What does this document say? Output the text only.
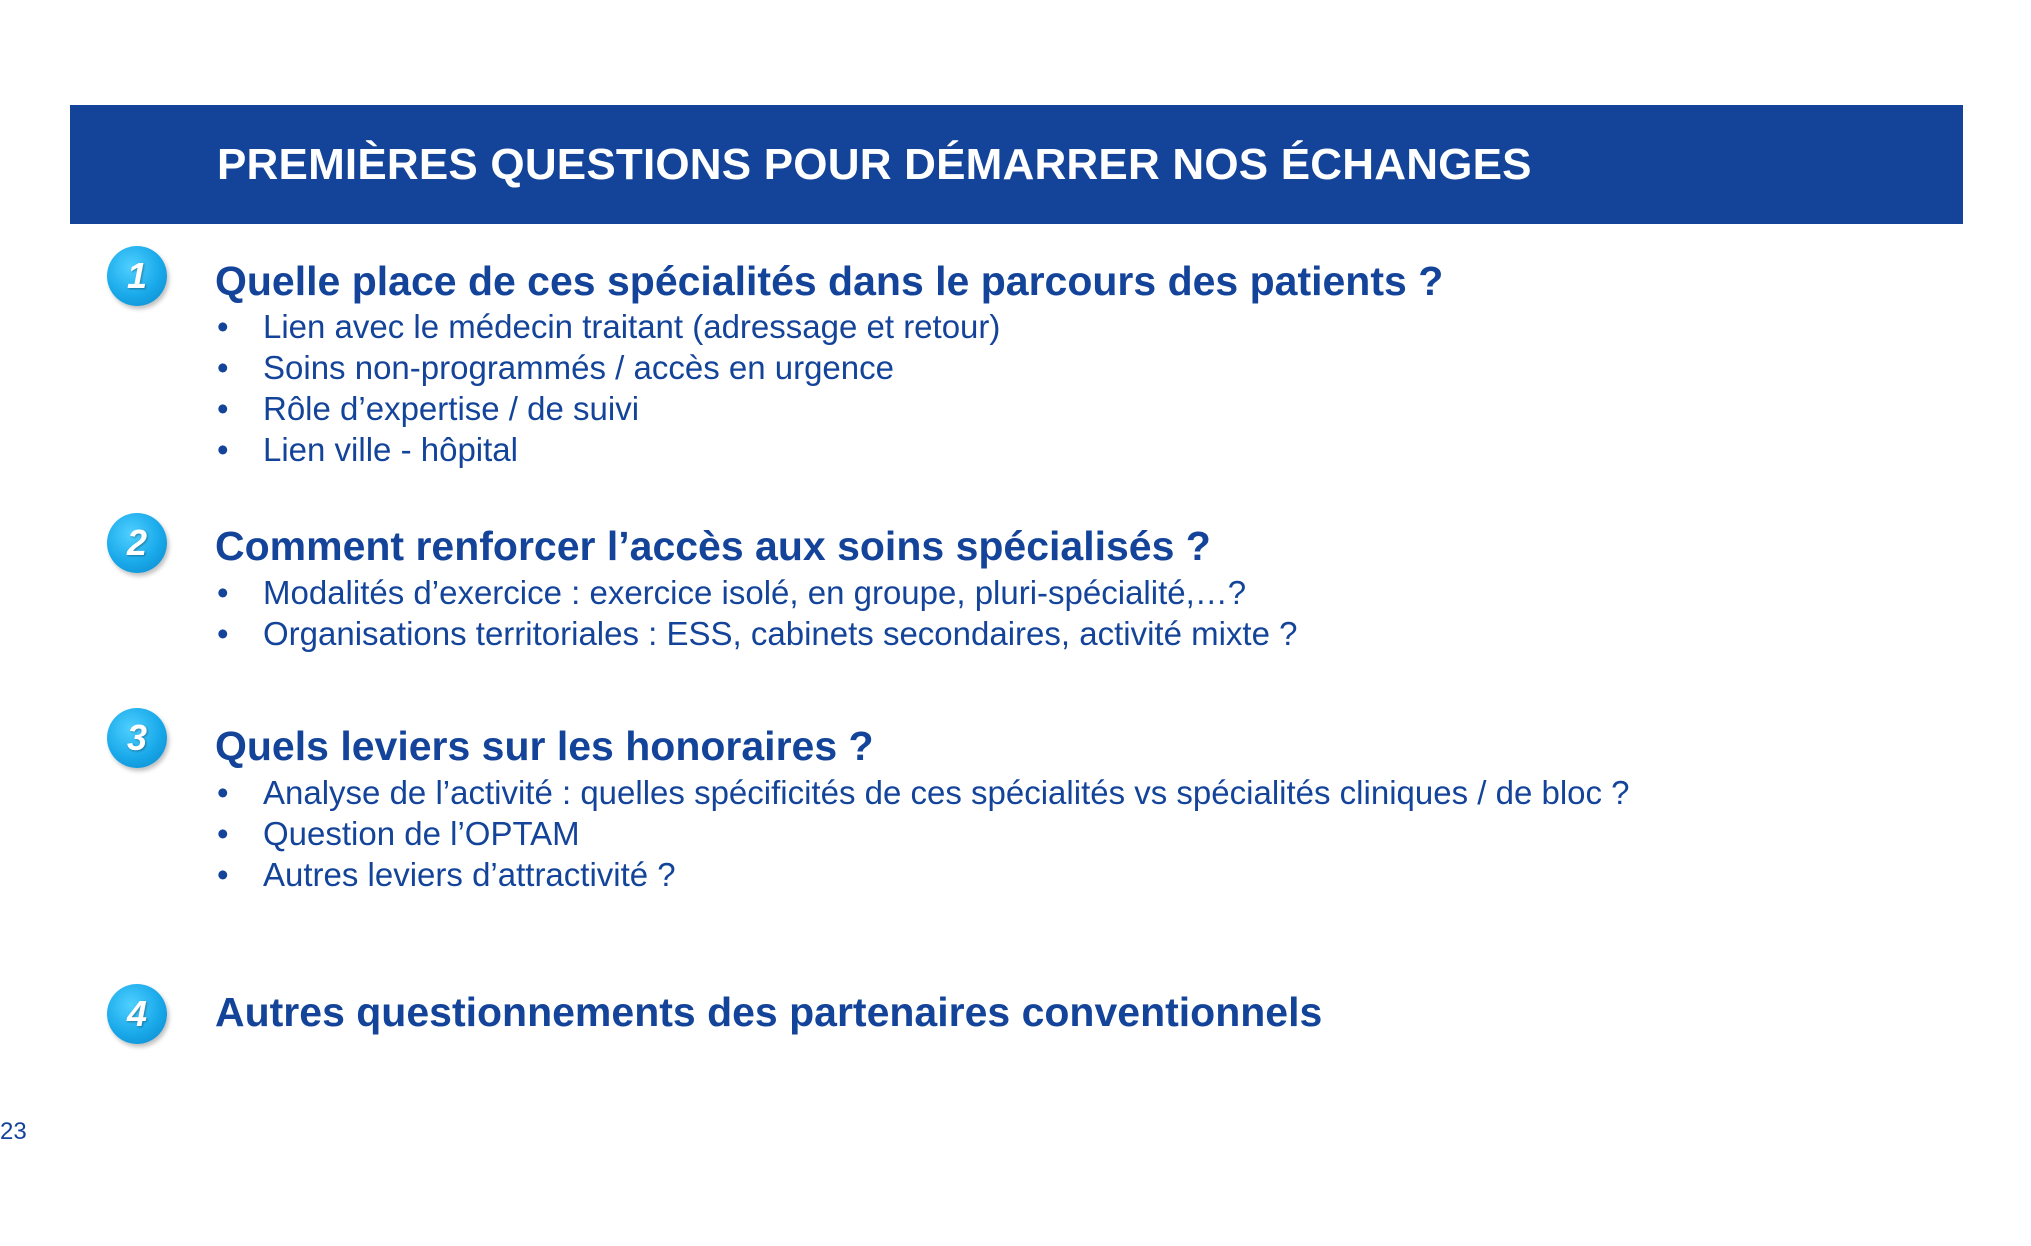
PREMIÈRES QUESTIONS POUR DÉMARRER NOS ÉCHANGES
1	Quelle place de ces spécialités dans le parcours des patients ?
• Lien avec le médecin traitant (adressage et retour)
• Soins non-programmés / accès en urgence
• Rôle d’expertise / de suivi
• Lien ville - hôpital
2	Comment renforcer l’accès aux soins spécialisés ?
• Modalités d’exercice : exercice isolé, en groupe, pluri-spécialité,…?
• Organisations territoriales : ESS, cabinets secondaires, activité mixte ?
3	Quels leviers sur les honoraires ?
• Analyse de l’activité : quelles spécificités de ces spécialités vs spécialités cliniques / de bloc ?
• Question de l’OPTAM
• Autres leviers d’attractivité ?
4	Autres questionnements des partenaires conventionnels
23
